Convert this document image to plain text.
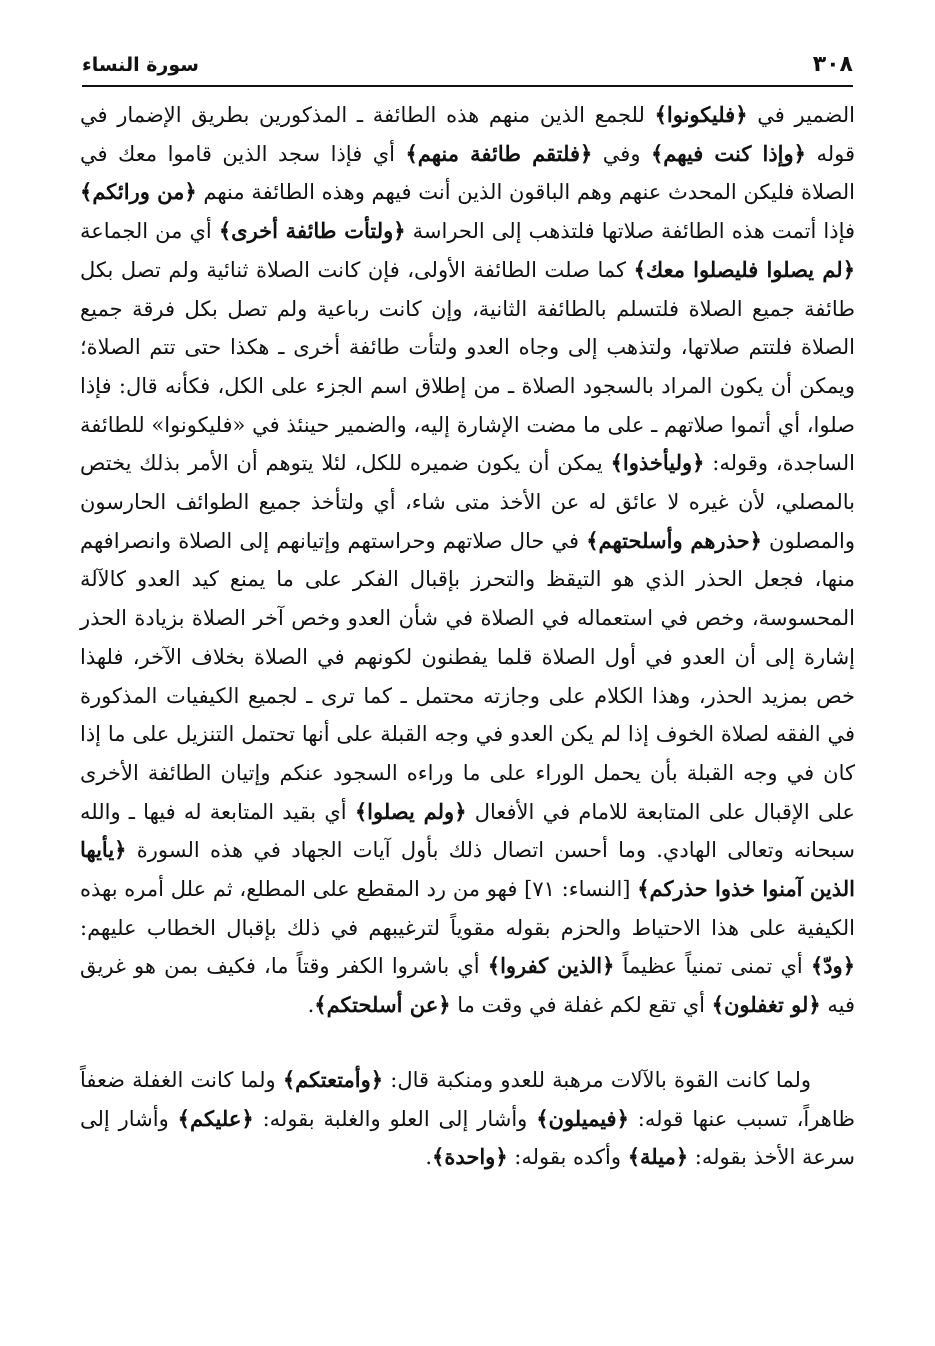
٣٠٨
سورة النساء

الضمير في ﴿فليكونوا﴾ للجمع الذين منهم هذه الطائفة ـ المذكورين بطريق الإضمار في قوله ﴿وإذا كنت فيهم﴾ وفي ﴿فلتقم طائفة منهم﴾ أي فإذا سجد الذين قاموا معك في الصلاة فليكن المحدث عنهم وهم الباقون الذين أنت فيهم وهذه الطائفة منهم ﴿من ورائكم﴾ فإذا أتمت هذه الطائفة صلاتها فلتذهب إلى الحراسة ﴿ولتأت طائفة أخرى﴾ أي من الجماعة ﴿لم يصلوا فليصلوا معك﴾ كما صلت الطائفة الأولى، فإن كانت الصلاة ثنائية ولم تصل بكل طائفة جميع الصلاة فلتسلم بالطائفة الثانية، وإن كانت رباعية ولم تصل بكل فرقة جميع الصلاة فلتتم صلاتها، ولتذهب إلى وجاه العدو ولتأت طائفة أخرى ـ هكذا حتى تتم الصلاة؛ ويمكن أن يكون المراد بالسجود الصلاة ـ من إطلاق اسم الجزء على الكل، فكأنه قال: فإذا صلوا، أي أتموا صلاتهم ـ على ما مضت الإشارة إليه، والضمير حينئذ في «فليكونوا» للطائفة الساجدة، وقوله: ﴿وليأخذوا﴾ يمكن أن يكون ضميره للكل، لئلا يتوهم أن الأمر بذلك يختص بالمصلي، لأن غيره لا عائق له عن الأخذ متى شاء، أي ولتأخذ جميع الطوائف الحارسون والمصلون ﴿حذرهم وأسلحتهم﴾ في حال صلاتهم وحراستهم وإتيانهم إلى الصلاة وانصرافهم منها، فجعل الحذر الذي هو التيقظ والتحرز بإقبال الفكر على ما يمنع كيد العدو كالآلة المحسوسة، وخص في استعماله في الصلاة في شأن العدو وخص آخر الصلاة بزيادة الحذر إشارة إلى أن العدو في أول الصلاة قلما يفطنون لكونهم في الصلاة بخلاف الآخر، فلهذا خص بمزيد الحذر، وهذا الكلام على وجازته محتمل ـ كما ترى ـ لجميع الكيفيات المذكورة في الفقه لصلاة الخوف إذا لم يكن العدو في وجه القبلة على أنها تحتمل التنزيل على ما إذا كان في وجه القبلة بأن يحمل الوراء على ما وراءه السجود عنكم وإتيان الطائفة الأخرى على الإقبال على المتابعة للامام في الأفعال ﴿ولم يصلوا﴾ أي بقيد المتابعة له فيها ـ والله سبحانه وتعالى الهادي. وما أحسن اتصال ذلك بأول آيات الجهاد في هذه السورة ﴿يأيها الذين آمنوا خذوا حذركم﴾ [النساء: ٧١] فهو من رد المقطع على المطلع، ثم علل أمره بهذه الكيفية على هذا الاحتياط والحزم بقوله مقوياً لترغيبهم في ذلك بإقبال الخطاب عليهم: ﴿ودّ﴾ أي تمنى تمنياً عظيماً ﴿الذين كفروا﴾ أي باشروا الكفر وقتاً ما، فكيف بمن هو غريق فيه ﴿لو تغفلون﴾ أي تقع لكم غفلة في وقت ما ﴿عن أسلحتكم﴾.

ولما كانت القوة بالآلات مرهبة للعدو ومنكبة قال: ﴿وأمتعتكم﴾ ولما كانت الغفلة ضعفاً ظاهراً، تسبب عنها قوله: ﴿فيميلون﴾ وأشار إلى العلو والغلبة بقوله: ﴿عليكم﴾ وأشار إلى سرعة الأخذ بقوله: ﴿ميلة﴾ وأكده بقوله: ﴿واحدة﴾.
